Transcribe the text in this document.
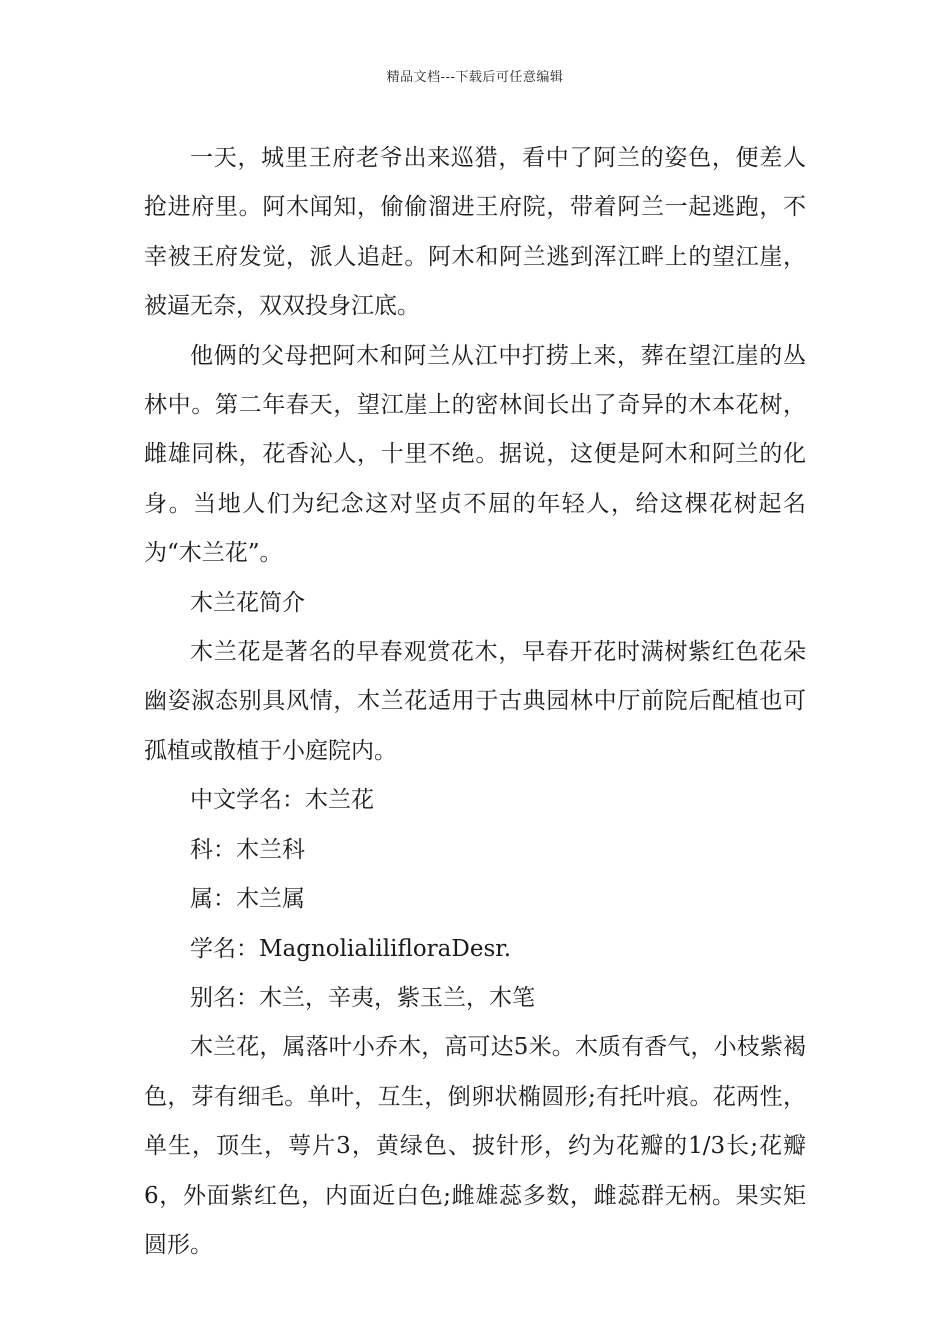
精品文档---下载后可任意编辑

一天，城里王府老爷出来巡猎，看中了阿兰的姿色，便差人抢进府里。阿木闻知，偷偷溜进王府院，带着阿兰一起逃跑，不幸被王府发觉，派人追赶。阿木和阿兰逃到浑江畔上的望江崖，被逼无奈，双双投身江底。

他俩的父母把阿木和阿兰从江中打捞上来，葬在望江崖的丛林中。第二年春天，望江崖上的密林间长出了奇异的木本花树，雌雄同株，花香沁人，十里不绝。据说，这便是阿木和阿兰的化身。当地人们为纪念这对坚贞不屈的年轻人，给这棵花树起名为“木兰花”。

木兰花简介

木兰花是著名的早春观赏花木，早春开花时满树紫红色花朵幽姿淑态别具风情，木兰花适用于古典园林中厅前院后配植也可孤植或散植于小庭院内。

中文学名：木兰花

科：木兰科

属：木兰属

学名：MagnolialilifloraDesr.

别名：木兰，辛夷，紫玉兰，木笔

木兰花，属落叶小乔木，高可达5米。木质有香气，小枝紫褐色，芽有细毛。单叶，互生，倒卵状椭圆形;有托叶痕。花两性，单生，顶生，萼片3，黄绿色、披针形，约为花瓣的1/3长;花瓣6，外面紫红色，内面近白色;雌雄蕊多数，雌蕊群无柄。果实矩圆形。
